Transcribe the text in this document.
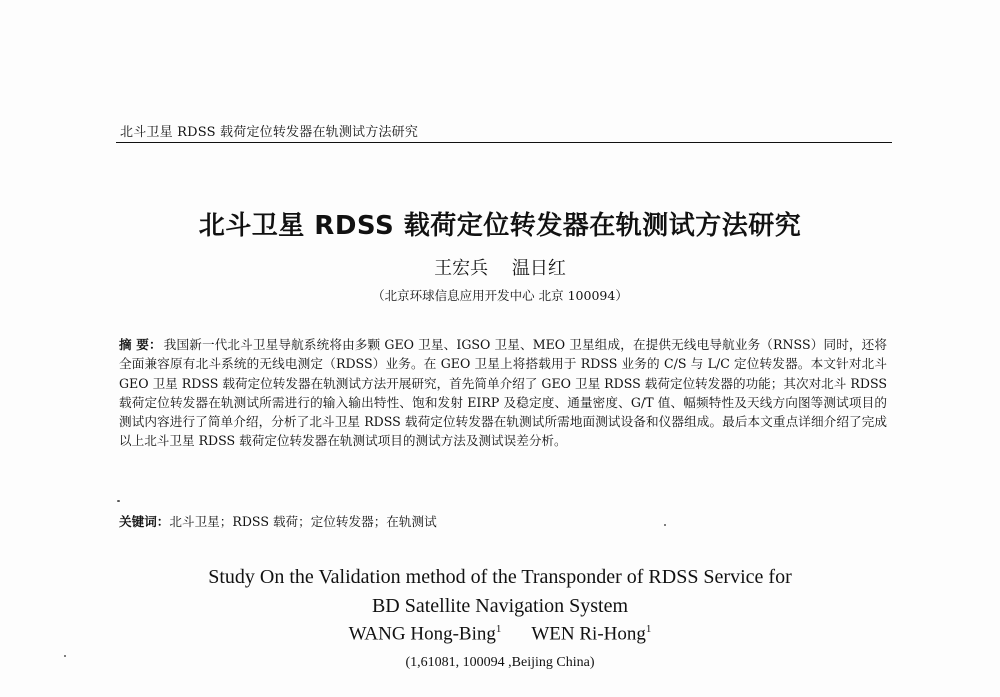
北斗卫星 RDSS 载荷定位转发器在轨测试方法研究
北斗卫星 RDSS 载荷定位转发器在轨测试方法研究
王宏兵 温日红
（北京环球信息应用开发中心 北京 100094）
摘 要： 我国新一代北斗卫星导航系统将由多颗 GEO 卫星、IGSO 卫星、MEO 卫星组成，在提供无线电导航业务（RNSS）同时，还将全面兼容原有北斗系统的无线电测定（RDSS）业务。在 GEO 卫星上将搭载用于 RDSS 业务的 C/S 与 L/C 定位转发器。本文针对北斗 GEO 卫星 RDSS 载荷定位转发器在轨测试方法开展研究，首先简单介绍了 GEO 卫星 RDSS 载荷定位转发器的功能；其次对北斗 RDSS 载荷定位转发器在轨测试所需进行的输入输出特性、饱和发射 EIRP 及稳定度、通量密度、G/T 值、幅频特性及天线方向图等测试项目的测试内容进行了简单介绍，分析了北斗卫星 RDSS 载荷定位转发器在轨测试所需地面测试设备和仪器组成。最后本文重点详细介绍了完成以上北斗卫星 RDSS 载荷定位转发器在轨测试项目的测试方法及测试误差分析。
关键词：北斗卫星；RDSS 载荷；定位转发器；在轨测试
Study On the Validation method of the Transponder of RDSS Service for
BD Satellite Navigation System
WANG Hong-Bing$^1$ WEN Ri-Hong$^1$
(1,61081, 100094 ,Beijing China)
